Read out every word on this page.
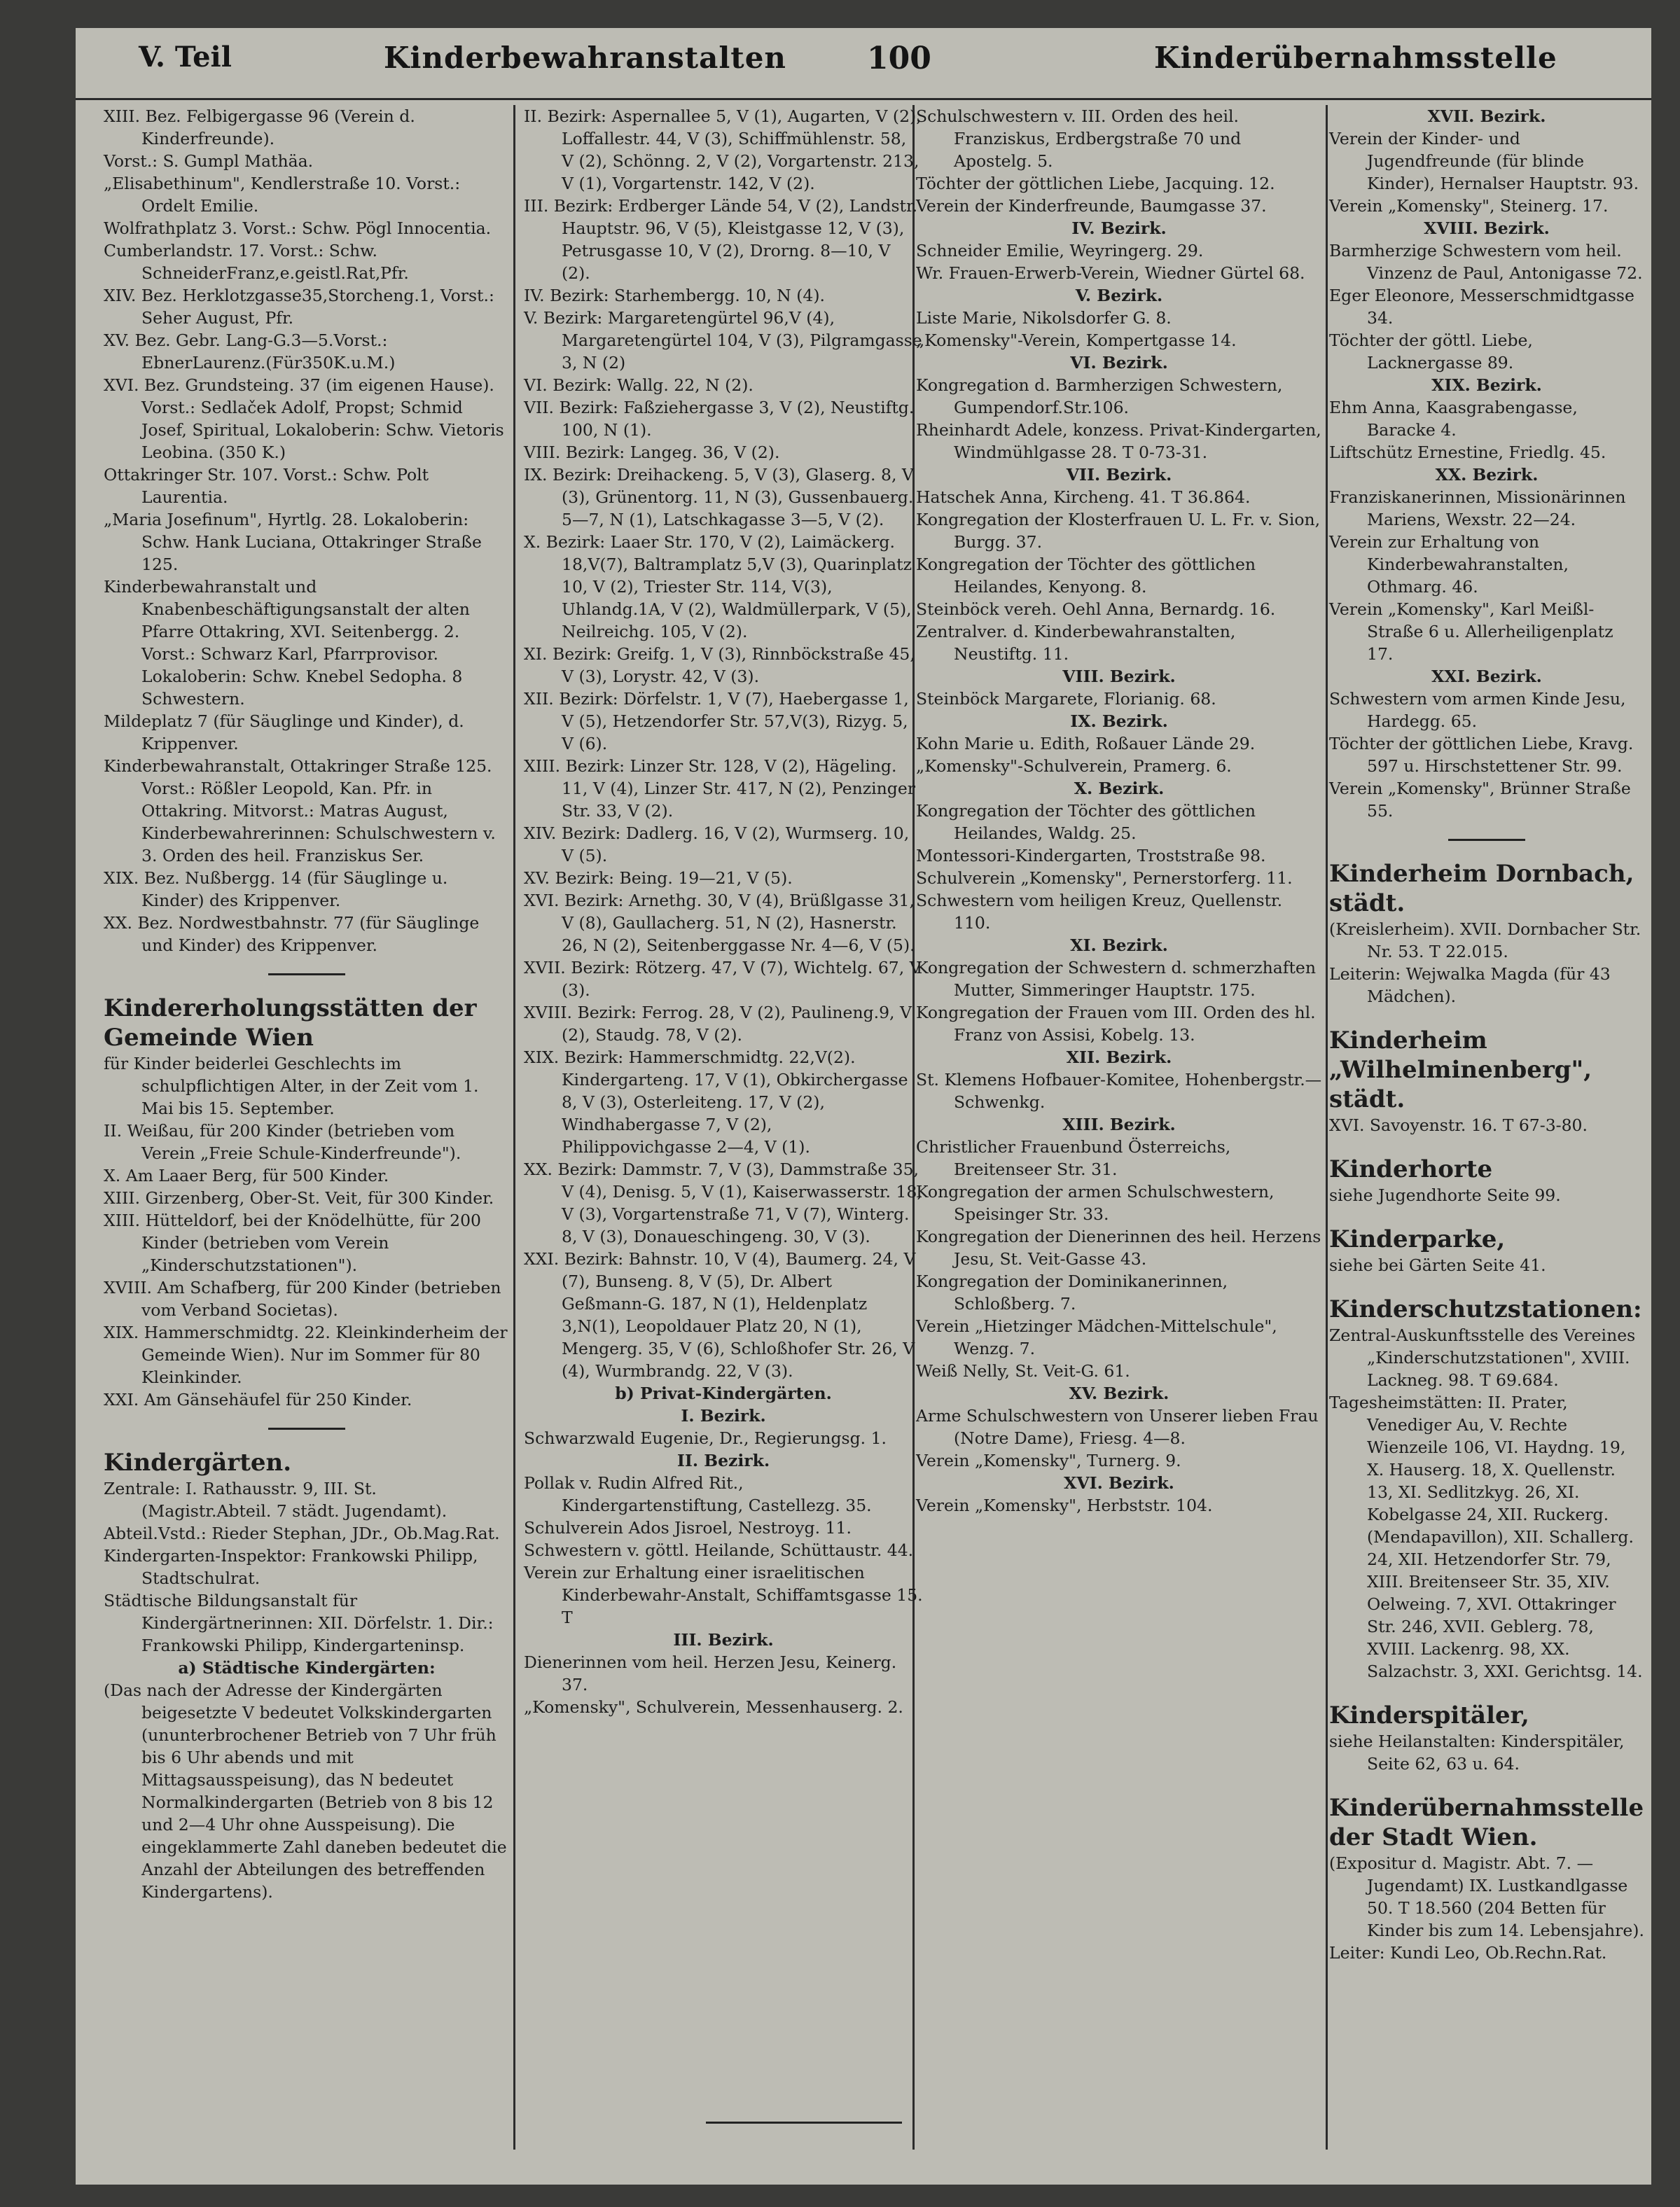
V. Teil	Kinderbewahranstalten	100	Kinderübernahmsstelle

XIII. Bez. Felbigergasse 96 (Verein d. Kinderfreunde).

Vorst.: S. Gumpl Mathäa.

„Elisabethinum", Kendlerstraße 10. Vorst.: Ordelt Emilie.

Wolfrathplatz 3. Vorst.: Schw. Pögl Innocentia.

Cumberlandstr. 17. Vorst.: Schw. SchneiderFranz,e.geistl.Rat,Pfr.

XIV. Bez. Herklotzgasse35,Storcheng.1, Vorst.: Seher August, Pfr.

XV. Bez. Gebr. Lang-G.3—5.Vorst.: EbnerLaurenz.(Für350K.u.M.)

XVI. Bez. Grundsteing. 37 (im eigenen Hause). Vorst.: Sedlaček Adolf, Propst; Schmid Josef, Spiritual, Lokaloberin: Schw. Vietoris Leobina. (350 K.)

Ottakringer Str. 107. Vorst.: Schw. Polt Laurentia.

„Maria Josefinum", Hyrtlg. 28. Lokaloberin: Schw. Hank Luciana, Ottakringer Straße 125.

Kinderbewahranstalt und Knabenbeschäftigungsanstalt der alten Pfarre Ottakring, XVI. Seitenbergg. 2. Vorst.: Schwarz Karl, Pfarrprovisor. Lokaloberin: Schw. Knebel Sedopha. 8 Schwestern.

Mildeplatz 7 (für Säuglinge und Kinder), d. Krippenver.

Kinderbewahranstalt, Ottakringer Straße 125. Vorst.: Rößler Leopold, Kan. Pfr. in Ottakring. Mitvorst.: Matras August, Kinderbewahrerinnen: Schulschwestern v. 3. Orden des heil. Franziskus Ser.

XIX. Bez. Nußbergg. 14 (für Säuglinge u. Kinder) des Krippenver.

XX. Bez. Nordwestbahnstr. 77 (für Säuglinge und Kinder) des Krippenver.

Kindererholungsstätten der Gemeinde Wien

für Kinder beiderlei Geschlechts im schulpflichtigen Alter, in der Zeit vom 1. Mai bis 15. September.

II. Weißau, für 200 Kinder (betrieben vom Verein „Freie Schule-Kinderfreunde").

X. Am Laaer Berg, für 500 Kinder.

XIII. Girzenberg, Ober-St. Veit, für 300 Kinder.

XIII. Hütteldorf, bei der Knödelhütte, für 200 Kinder (betrieben vom Verein „Kinderschutzstationen").

XVIII. Am Schafberg, für 200 Kinder (betrieben vom Verband Societas).

XIX. Hammerschmidtg. 22. Kleinkinderheim der Gemeinde Wien). Nur im Sommer für 80 Kleinkinder.

XXI. Am Gänsehäufel für 250 Kinder.

Kindergärten.

Zentrale: I. Rathausstr. 9, III. St. (Magistr.Abteil. 7 städt. Jugendamt).

Abteil.Vstd.: Rieder Stephan, JDr., Ob.Mag.Rat.

Kindergarten-Inspektor: Frankowski Philipp, Stadtschulrat.

Städtische Bildungsanstalt für Kindergärtnerinnen: XII. Dörfelstr. 1. Dir.: Frankowski Philipp, Kindergarteninsp.

a) Städtische Kindergärten:

(Das nach der Adresse der Kindergärten beigesetzte V bedeutet Volkskindergarten (ununterbrochener Betrieb von 7 Uhr früh bis 6 Uhr abends und mit Mittagsausspeisung), das N bedeutet Normalkindergarten (Betrieb von 8 bis 12 und 2—4 Uhr ohne Ausspeisung). Die eingeklammerte Zahl daneben bedeutet die Anzahl der Abteilungen des betreffenden Kindergartens).

II. Bezirk: Aspernallee 5, V (1), Augarten, V (2), Loffallestr. 44, V (3), Schiffmühlenstr. 58, V (2), Schönng. 2, V (2), Vorgartenstr. 213, V (1), Vorgartenstr. 142, V (2).

III. Bezirk: Erdberger Lände 54, V (2), Landstr. Hauptstr. 96, V (5), Kleistgasse 12, V (3), Petrusgasse 10, V (2), Drorng. 8—10, V (2).

IV. Bezirk: Starhembergg. 10, N (4).

V. Bezirk: Margaretengürtel 96,V (4), Margaretengürtel 104, V (3), Pilgramgasse 3, N (2)

VI. Bezirk: Wallg. 22, N (2).

VII. Bezirk: Faßziehergasse 3, V (2), Neustiftg. 100, N (1).

VIII. Bezirk: Langeg. 36, V (2).

IX. Bezirk: Dreihackeng. 5, V (3), Glaserg. 8, V (3), Grünentorg. 11, N (3), Gussenbauerg. 5—7, N (1), Latschkagasse 3—5, V (2).

X. Bezirk: Laaer Str. 170, V (2), Laimäckerg. 18,V(7), Baltramplatz 5,V (3), Quarinplatz 10, V (2), Triester Str. 114, V(3), Uhlandg.1A, V (2), Waldmüllerpark, V (5), Neilreichg. 105, V (2).

XI. Bezirk: Greifg. 1, V (3), Rinnböckstraße 45, V (3), Lorystr. 42, V (3).

XII. Bezirk: Dörfelstr. 1, V (7), Haebergasse 1, V (5), Hetzendorfer Str. 57,V(3), Rizyg. 5, V (6).

XIII. Bezirk: Linzer Str. 128, V (2), Hägeling. 11, V (4), Linzer Str. 417, N (2), Penzinger Str. 33, V (2).

XIV. Bezirk: Dadlerg. 16, V (2), Wurmserg. 10, V (5).

XV. Bezirk: Being. 19—21, V (5).

XVI. Bezirk: Arnethg. 30, V (4), Brüßlgasse 31, V (8), Gaullacherg. 51, N (2), Hasnerstr. 26, N (2), Seitenberggasse Nr. 4—6, V (5).

XVII. Bezirk: Rötzerg. 47, V (7), Wichtelg. 67, V (3).

XVIII. Bezirk: Ferrog. 28, V (2), Paulineng.9, V (2), Staudg. 78, V (2).

XIX. Bezirk: Hammerschmidtg. 22,V(2). Kindergarteng. 17, V (1), Obkirchergasse 8, V (3), Osterleiteng. 17, V (2), Windhabergasse 7, V (2), Philippovichgasse 2—4, V (1).

XX. Bezirk: Dammstr. 7, V (3), Dammstraße 35, V (4), Denisg. 5, V (1), Kaiserwasserstr. 18, V (3), Vorgartenstraße 71, V (7), Winterg. 8, V (3), Donaueschingeng. 30, V (3).

XXI. Bezirk: Bahnstr. 10, V (4), Baumerg. 24, V (7), Bunseng. 8, V (5), Dr. Albert Geßmann-G. 187, N (1), Heldenplatz 3,N(1), Leopoldauer Platz 20, N (1), Mengerg. 35, V (6), Schloßhofer Str. 26, V (4), Wurmbrandg. 22, V (3).

b) Privat-Kindergärten.

I. Bezirk.

Schwarzwald Eugenie, Dr., Regierungsg. 1.

II. Bezirk.

Pollak v. Rudin Alfred Rit., Kindergartenstiftung, Castellezg. 35.

Schulverein Ados Jisroel, Nestroyg. 11.

Schwestern v. göttl. Heilande, Schüttaustr. 44.

Verein zur Erhaltung einer israelitischen Kinderbewahr-Anstalt, Schiffamtsgasse 15. T

III. Bezirk.

Dienerinnen vom heil. Herzen Jesu, Keinerg. 37.

„Komensky", Schulverein, Messenhauserg. 2.

Schulschwestern v. III. Orden des heil. Franziskus, Erdbergstraße 70 und Apostelg. 5.

Töchter der göttlichen Liebe, Jacquing. 12.

Verein der Kinderfreunde, Baumgasse 37.

IV. Bezirk.

Schneider Emilie, Weyringerg. 29.

Wr. Frauen-Erwerb-Verein, Wiedner Gürtel 68.

V. Bezirk.

Liste Marie, Nikolsdorfer G. 8.

„Komensky"-Verein, Kompertgasse 14.

VI. Bezirk.

Kongregation d. Barmherzigen Schwestern, Gumpendorf.Str.106.

Rheinhardt Adele, konzess. Privat-Kindergarten, Windmühlgasse 28. T 0-73-31.

VII. Bezirk.

Hatschek Anna, Kircheng. 41. T 36.864.

Kongregation der Klosterfrauen U. L. Fr. v. Sion, Burgg. 37.

Kongregation der Töchter des göttlichen Heilandes, Kenyong. 8.

Steinböck vereh. Oehl Anna, Bernardg. 16.

Zentralver. d. Kinderbewahranstalten, Neustiftg. 11.

VIII. Bezirk.

Steinböck Margarete, Florianig. 68.

IX. Bezirk.

Kohn Marie u. Edith, Roßauer Lände 29.

„Komensky"-Schulverein, Pramerg. 6.

X. Bezirk.

Kongregation der Töchter des göttlichen Heilandes, Waldg. 25.

Montessori-Kindergarten, Troststraße 98.

Schulverein „Komensky", Pernerstorferg. 11.

Schwestern vom heiligen Kreuz, Quellenstr. 110.

XI. Bezirk.

Kongregation der Schwestern d. schmerzhaften Mutter, Simmeringer Hauptstr. 175.

Kongregation der Frauen vom III. Orden des hl. Franz von Assisi, Kobelg. 13.

XII. Bezirk.

St. Klemens Hofbauer-Komitee, Hohenbergstr.—Schwenkg.

XIII. Bezirk.

Christlicher Frauenbund Österreichs, Breitenseer Str. 31.

Kongregation der armen Schulschwestern, Speisinger Str. 33.

Kongregation der Dienerinnen des heil. Herzens Jesu, St. Veit-Gasse 43.

Kongregation der Dominikanerinnen, Schloßberg. 7.

Verein „Hietzinger Mädchen-Mittelschule", Wenzg. 7.

Weiß Nelly, St. Veit-G. 61.

XV. Bezirk.

Arme Schulschwestern von Unserer lieben Frau (Notre Dame), Friesg. 4—8.

Verein „Komensky", Turnerg. 9.

XVI. Bezirk.

Verein „Komensky", Herbststr. 104.

XVII. Bezirk.

Verein der Kinder- und Jugendfreunde (für blinde Kinder), Hernalser Hauptstr. 93.

Verein „Komensky", Steinerg. 17.

XVIII. Bezirk.

Barmherzige Schwestern vom heil. Vinzenz de Paul, Antonigasse 72.

Eger Eleonore, Messerschmidtgasse 34.

Töchter der göttl. Liebe, Lacknergasse 89.

XIX. Bezirk.

Ehm Anna, Kaasgrabengasse, Baracke 4.

Liftschütz Ernestine, Friedlg. 45.

XX. Bezirk.

Franziskanerinnen, Missionärinnen Mariens, Wexstr. 22—24.

Verein zur Erhaltung von Kinderbewahranstalten, Othmarg. 46.

Verein „Komensky", Karl Meißl-Straße 6 u. Allerheiligenplatz 17.

XXI. Bezirk.

Schwestern vom armen Kinde Jesu, Hardegg. 65.

Töchter der göttlichen Liebe, Kravg. 597 u. Hirschstettener Str. 99.

Verein „Komensky", Brünner Straße 55.

Kinderheim Dornbach, städt.

(Kreislerheim). XVII. Dornbacher Str. Nr. 53. T 22.015.

Leiterin: Wejwalka Magda (für 43 Mädchen).

Kinderheim „Wilhelminenberg", städt.

XVI. Savoyenstr. 16. T 67-3-80.

Kinderhorte

siehe Jugendhorte Seite 99.

Kinderparke,

siehe bei Gärten Seite 41.

Kinderschutzstationen:

Zentral-Auskunftsstelle des Vereines „Kinderschutzstationen", XVIII. Lackneg. 98. T 69.684.

Tagesheimstätten: II. Prater, Venediger Au, V. Rechte Wienzeile 106, VI. Haydng. 19, X. Hauserg. 18, X. Quellenstr. 13, XI. Sedlitzkyg. 26, XI. Kobelgasse 24, XII. Ruckerg. (Mendapavillon), XII. Schallerg. 24, XII. Hetzendorfer Str. 79, XIII. Breitenseer Str. 35, XIV. Oelweing. 7, XVI. Ottakringer Str. 246, XVII. Geblerg. 78, XVIII. Lackenrg. 98, XX. Salzachstr. 3, XXI. Gerichtsg. 14.

Kinderspitäler,

siehe Heilanstalten: Kinderspitäler, Seite 62, 63 u. 64.

Kinderübernahmsstelle der Stadt Wien.

(Expositur d. Magistr. Abt. 7. — Jugendamt) IX. Lustkandlgasse 50. T 18.560 (204 Betten für Kinder bis zum 14. Lebensjahre).

Leiter: Kundi Leo, Ob.Rechn.Rat.
